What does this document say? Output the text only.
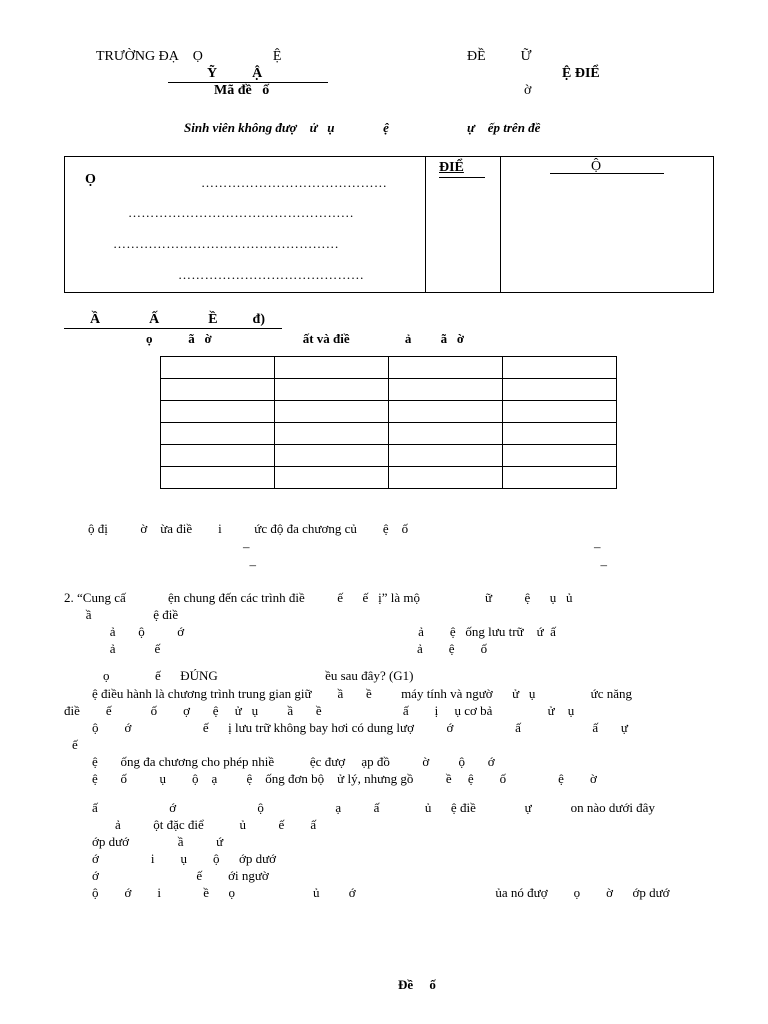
TRƯỜNG ĐẠ    Ọ                    Ệ
Ỹ          Ậ
Mã đề   ố
ĐỀ          Ữ
Ệ ĐIỂ
ờ
Sinh viên không đượ    ử   ụ               ệ                        ự    ếp trên đề
Ọ	……………………………………
……………………………………………
……………………………………………
……………………………………
ĐIỂ	Ộ
Ầ              Ấ              Ề          đ)
ọ           ã   ờ                            ất và điề                 ả         ã   ờ

ộ đị          ờ    ừa điề        i          ức độ đa chương củ        ệ    ố
–                                                                                                          –
–                                                                                                          –
2. “Cung cấ             ện chung đến các trình điề          ế      ế   ị” là mộ                    ữ          ệ      ụ   ủ
ầ                   ệ điề
ả       ộ          ớ                                                                        ả        ệ   ống lưu trữ    ứ  ấ
ả            ế                                                                               ả        ệ        ố
ọ              ế      ĐÚNG                                 ều sau đây? (G1)
ệ điều hành là chương trình trung gian giữ        ầ       ề         máy tính và ngườ      ử   ụ                 ức năng
điề        ế            ố        ợ       ệ     ử   ụ         ầ       ề                         ấ        ị     ụ cơ bả                 ử    ụ
ộ        ớ                      ế      ị lưu trữ không bay hơi có dung lượ          ớ                   ấ                      ấ       ự
ế
ệ       ống đa chương cho phép nhiề           ệc đượ     ạp đồ          ờ         ộ       ớ
ệ       ố          ụ        ộ    ạ         ệ    ống đơn bộ    ử lý, nhưng gồ          ề     ệ        ố                ệ        ờ
ấ                      ớ                         ộ                      ạ          ấ              ủ      ệ điề               ự            on nào dưới đây
ả          ột đặc điể           ủ          ế        ấ
ớp dướ               ầ          ứ
ớ                i        ụ        ộ      ớp dướ
ớ                              ế        ới ngườ
ộ        ớ        i             ề      ọ                        ủ         ớ                                           ủa nó đượ        ọ        ờ      ớp dướ
Đề     ố
